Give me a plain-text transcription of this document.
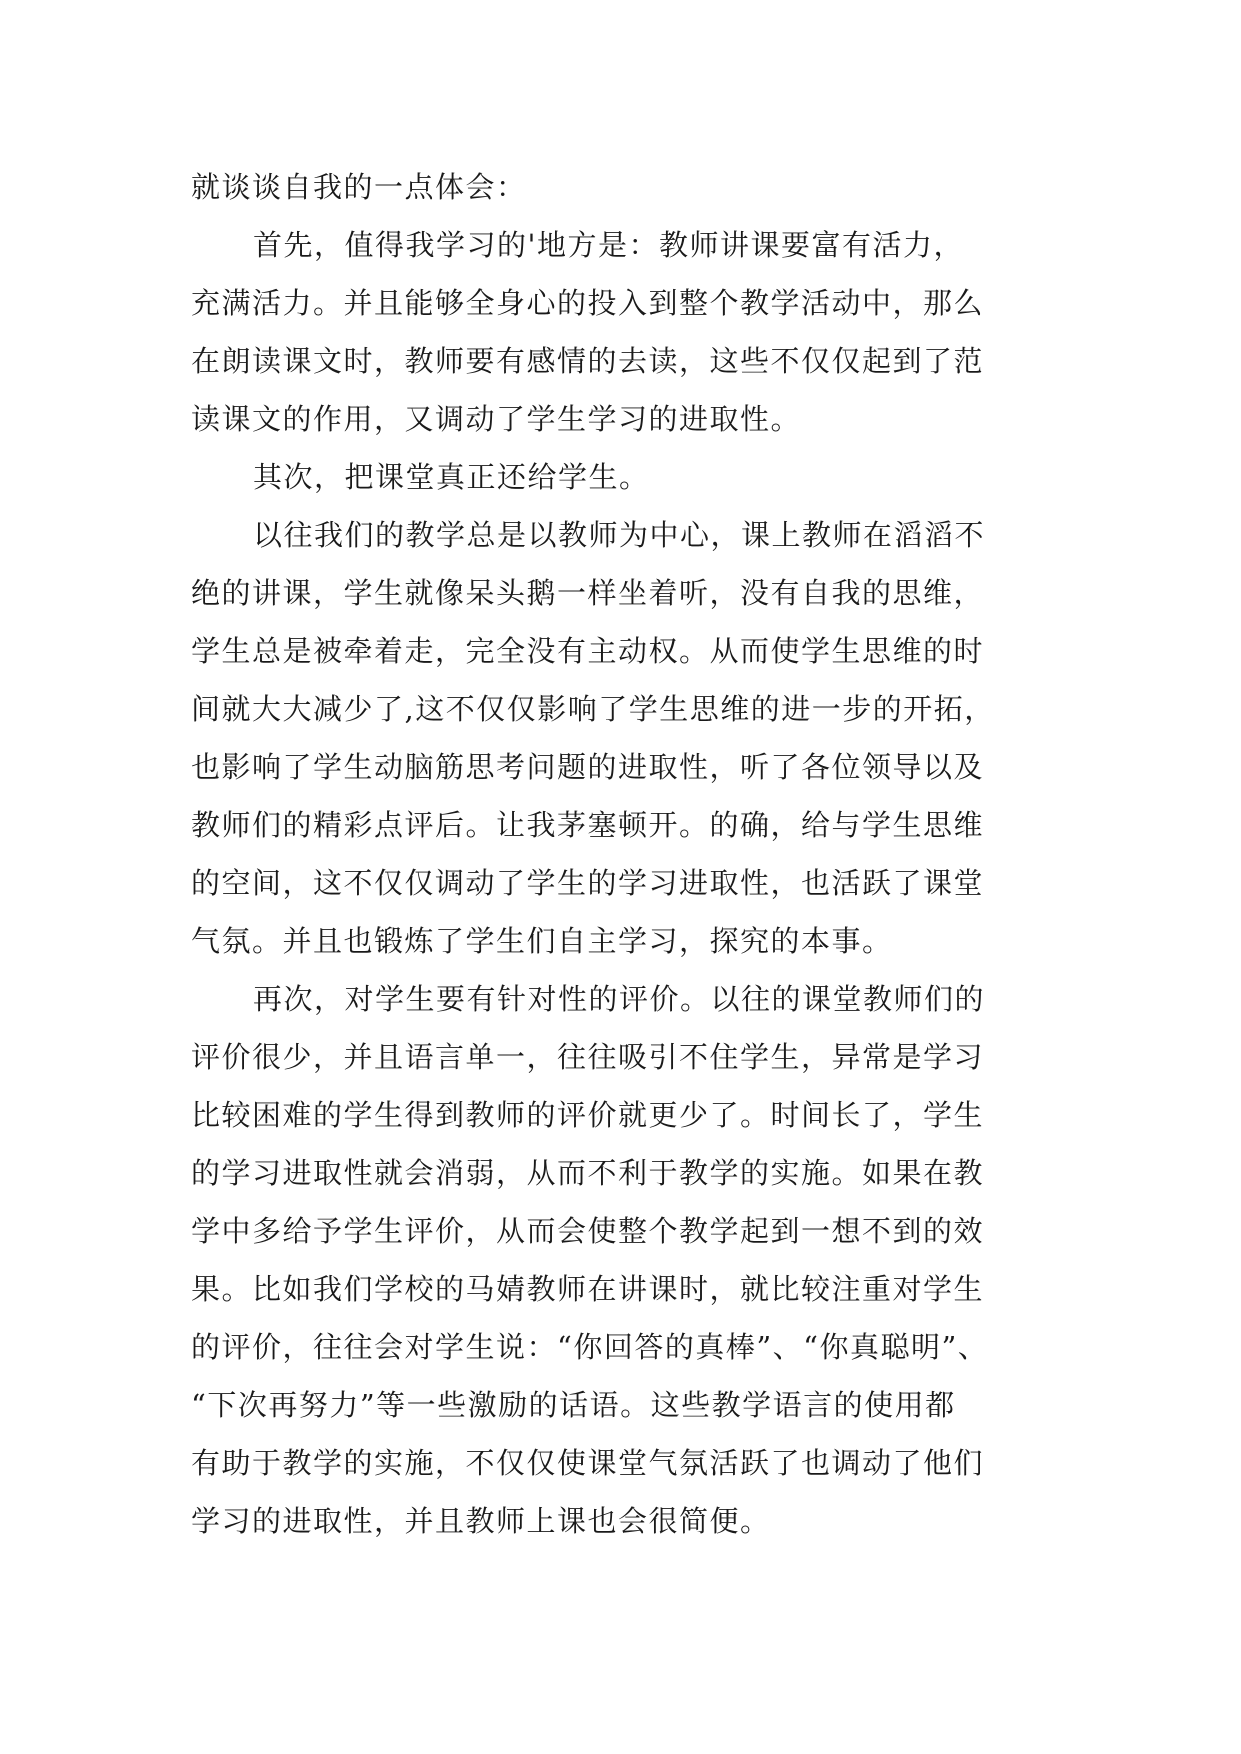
就谈谈自我的一点体会：
首先，值得我学习的'地方是：教师讲课要富有活力，
充满活力。并且能够全身心的投入到整个教学活动中，那么
在朗读课文时，教师要有感情的去读，这些不仅仅起到了范
读课文的作用，又调动了学生学习的进取性。
其次，把课堂真正还给学生。
以往我们的教学总是以教师为中心，课上教师在滔滔不
绝的讲课，学生就像呆头鹅一样坐着听，没有自我的思维，
学生总是被牵着走，完全没有主动权。从而使学生思维的时
间就大大减少了,这不仅仅影响了学生思维的进一步的开拓，
也影响了学生动脑筋思考问题的进取性，听了各位领导以及
教师们的精彩点评后。让我茅塞顿开。的确，给与学生思维
的空间，这不仅仅调动了学生的学习进取性，也活跃了课堂
气氛。并且也锻炼了学生们自主学习，探究的本事。
再次，对学生要有针对性的评价。以往的课堂教师们的
评价很少，并且语言单一，往往吸引不住学生，异常是学习
比较困难的学生得到教师的评价就更少了。时间长了，学生
的学习进取性就会消弱，从而不利于教学的实施。如果在教
学中多给予学生评价，从而会使整个教学起到一想不到的效
果。比如我们学校的马婧教师在讲课时，就比较注重对学生
的评价，往往会对学生说：“你回答的真棒”、“你真聪明”、
“下次再努力”等一些激励的话语。这些教学语言的使用都
有助于教学的实施，不仅仅使课堂气氛活跃了也调动了他们
学习的进取性，并且教师上课也会很简便。
